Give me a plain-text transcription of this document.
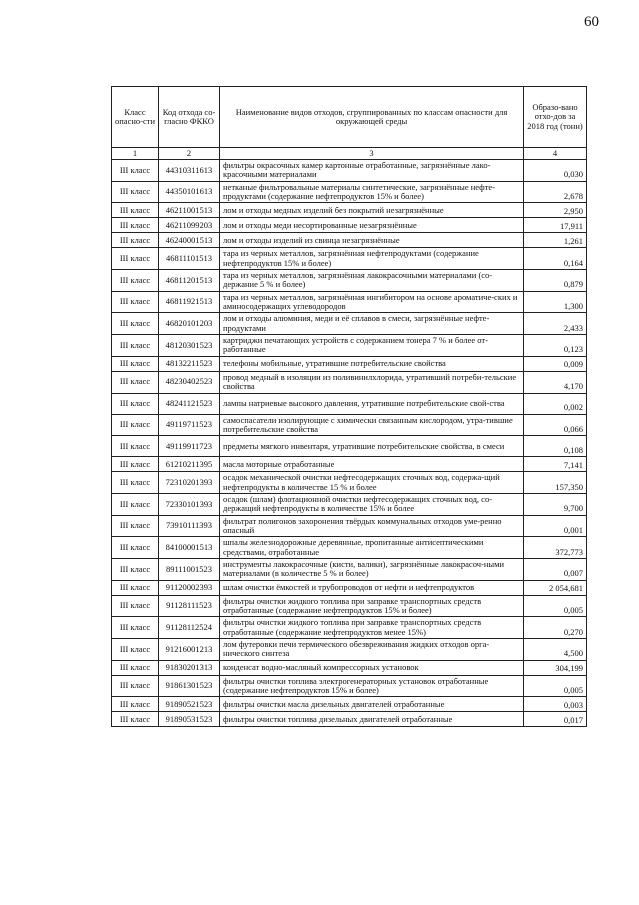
60
Класс опасно-сти	Код отхода со-гласно ФККО	Наименование видов отходов, сгруппированных по классам опасности для окружающей среды	Образо-вано отхо-дов за 2018 год (тонн)
1	2	3	4
III класс	44310311613	фильтры окрасочных камер картонные отработанные, загрязнённые лако-красочными материалами	0,030
III класс	44350101613	нетканые фильтровальные материалы синтетические, загрязнённые нефте-продуктами (содержание нефтепродуктов 15% и более)	2,678
III класс	46211001513	лом и отходы медных изделий без покрытий незагрязнённые	2,950
III класс	46211099203	лом и отходы меди несортированные незагрязнённые	17,911
III класс	46240001513	лом и отходы изделий из свинца незагрязнённые	1,261
III класс	46811101513	тара из черных металлов, загрязнённая нефтепродуктами (содержание нефтепродуктов 15% и более)	0,164
III класс	46811201513	тара из черных металлов, загрязнённая лакокрасочными материалами (со-держание 5 % и более)	0,879
III класс	46811921513	тара из черных металлов, загрязнённая ингибитором на основе ароматиче-ских и аминосодержащих углеводородов	1,300
III класс	46820101203	лом и отходы алюминия, меди и её сплавов в смеси, загрязнённые нефте-продуктами	2,433
III класс	48120301523	картриджи печатающих устройств с содержанием тонера 7 % и более от-работанные	0,123
III класс	48132211523	телефоны мобильные, утратившие потребительские свойства	0,009
III класс	48230402523	провод медный в изоляции из поливинилхлорида, утративший потреби-тельские свойства	4,170
III класс	48241121523	лампы натриевые высокого давления, утратившие потребительские свой-ства	0,002
III класс	49119711523	самоспасатели изолирующие с химически связанным кислородом, утра-тившие потребительские свойства	0,066
III класс	49119911723	предметы мягкого инвентаря, утратившие потребительские свойства, в смеси	0,108
III класс	61210211395	масла моторные отработанные	7,141
III класс	72310201393	осадок механической очистки нефтесодержащих сточных вод, содержа-щий нефтепродукты в количестве 15 % и более	157,350
III класс	72330101393	осадок (шлам) флотационной очистки нефтесодержащих сточных вод, со-держащий нефтепродукты в количестве 15% и более	9,700
III класс	73910111393	фильтрат полигонов захоронения твёрдых коммунальных отходов уме-ренно опасный	0,001
III класс	84100001513	шпалы железнодорожные деревянные, пропитанные антисептическими средствами, отработанные	372,773
III класс	89111001523	инструменты лакокрасочные (кисти, валики), загрязнённые лакокрасоч-ными материалами (в количестве 5 % и более)	0,007
III класс	91120002393	шлам очистки ёмкостей и трубопроводов от нефти и нефтепродуктов	2 054,681
III класс	91128111523	фильтры очистки жидкого топлива при заправке транспортных средств отработанные (содержание нефтепродуктов 15% и более)	0,005
III класс	91128112524	фильтры очистки жидкого топлива при заправке транспортных средств отработанные (содержание нефтепродуктов менее 15%)	0,270
III класс	91216001213	лом футеровки печи термического обезвреживания жидких отходов орга-нического синтеза	4,500
III класс	91830201313	конденсат водно-масляный компрессорных установок	304,199
III класс	91861301523	фильтры очистки топлива электрогенераторных установок отработанные (содержание нефтепродуктов 15% и более)	0,005
III класс	91890521523	фильтры очистки масла дизельных двигателей отработанные	0,003
III класс	91890531523	фильтры очистки топлива дизельных двигателей отработанные	0,017
